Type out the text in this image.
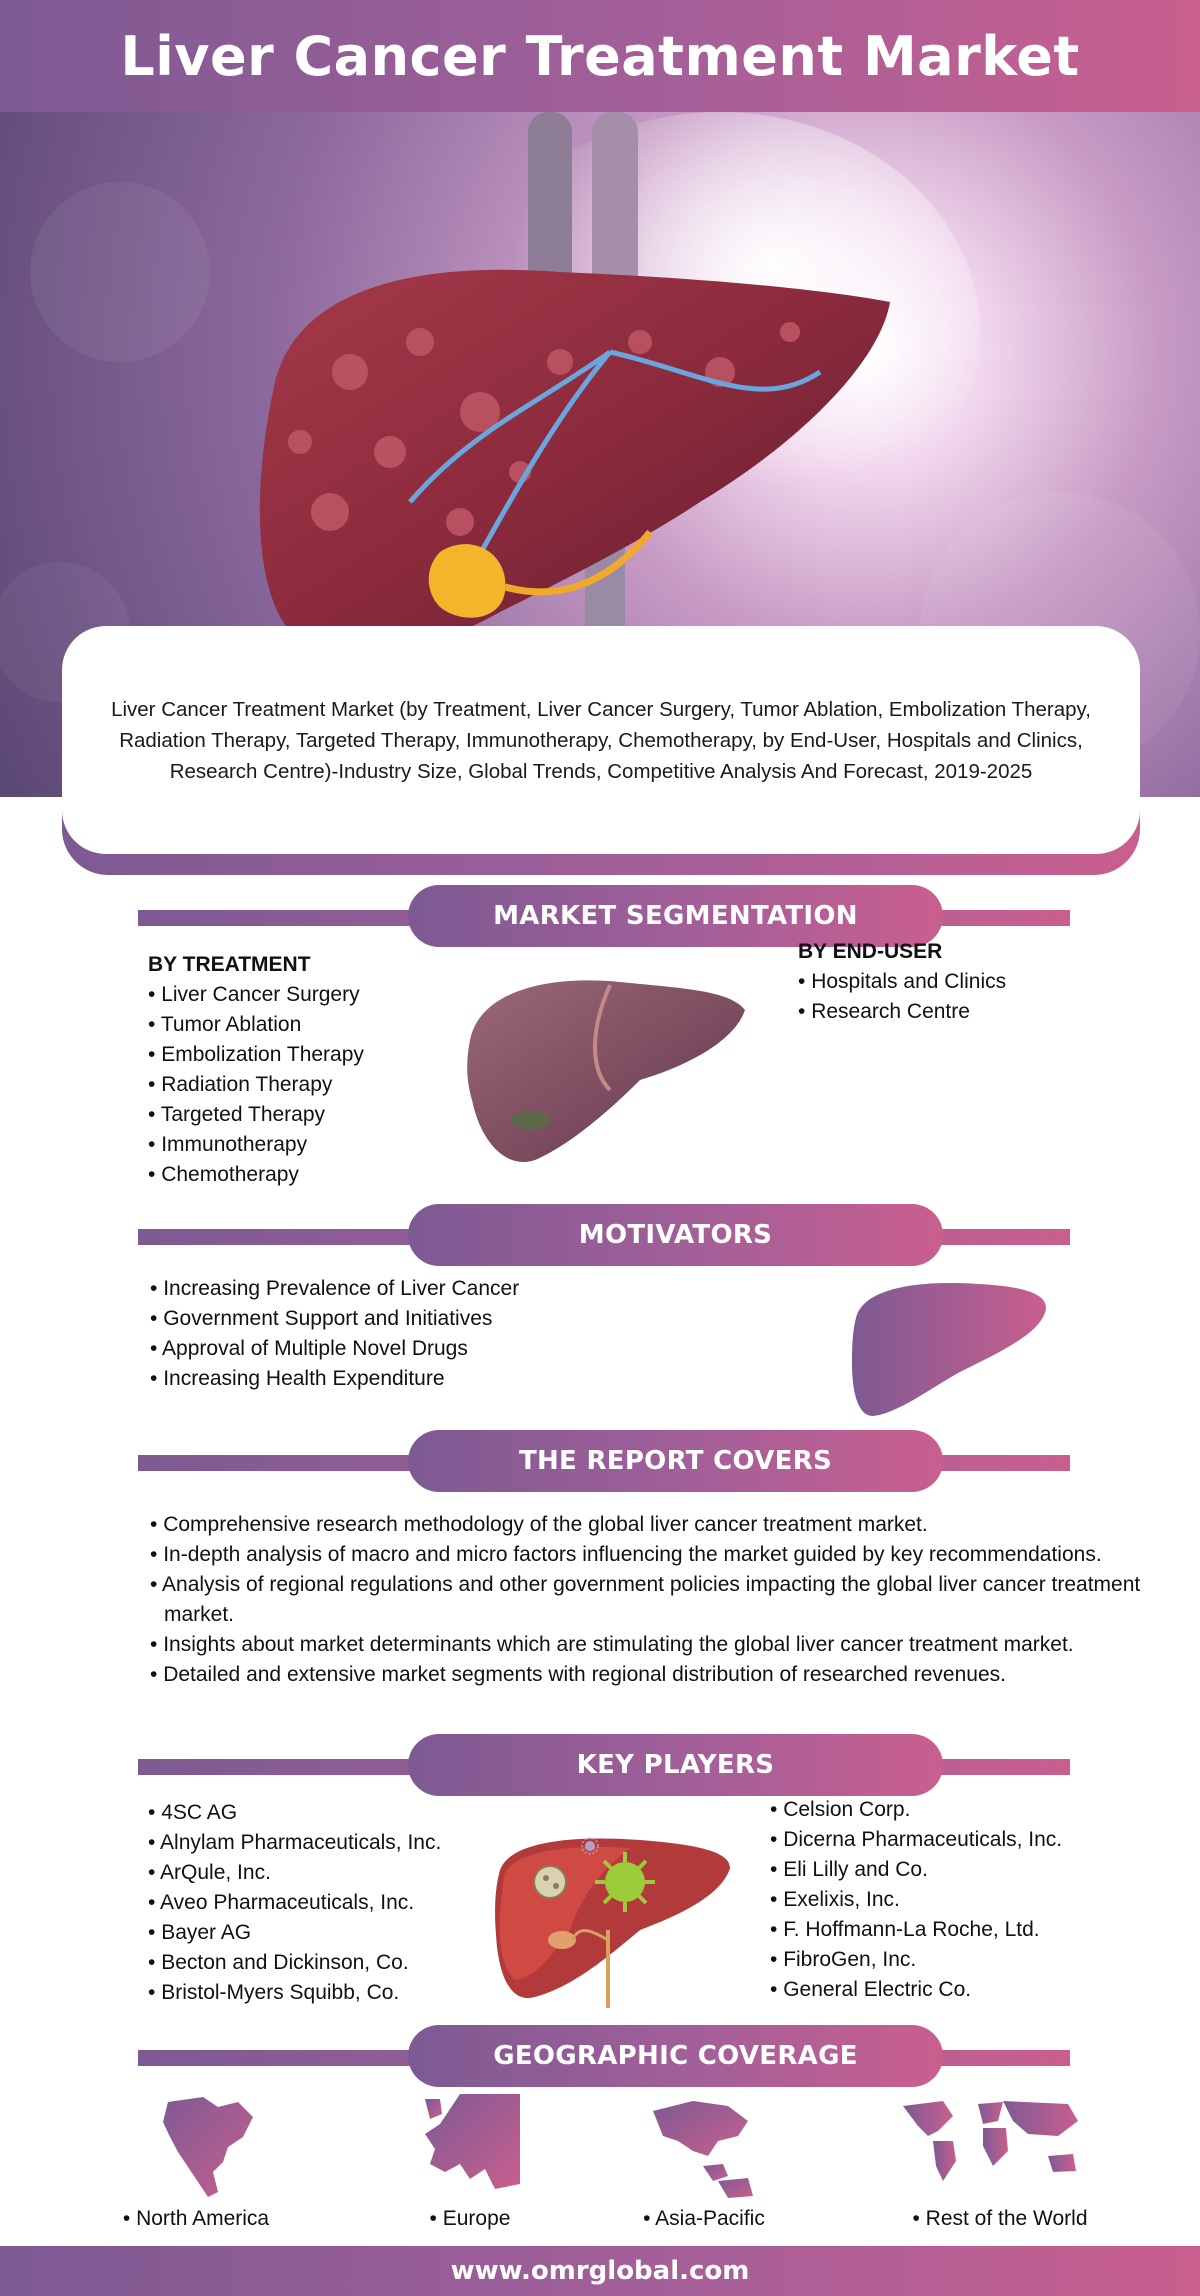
Liver Cancer Treatment Market

Liver Cancer Treatment Market (by Treatment, Liver Cancer Surgery, Tumor Ablation, Embolization Therapy, Radiation Therapy, Targeted Therapy, Immunotherapy, Chemotherapy, by End-User, Hospitals and Clinics, Research Centre)-Industry Size, Global Trends, Competitive Analysis And Forecast, 2019-2025

MARKET SEGMENTATION
BY TREATMENT
• Liver Cancer Surgery
• Tumor Ablation
• Embolization Therapy
• Radiation Therapy
• Targeted Therapy
• Immunotherapy
• Chemotherapy
BY END-USER
• Hospitals and Clinics
• Research Centre
MOTIVATORS
• Increasing Prevalence of Liver Cancer
• Government Support and Initiatives
• Approval of Multiple Novel Drugs
• Increasing Health Expenditure
THE REPORT COVERS
• Comprehensive research methodology of the global liver cancer treatment market.
• In-depth analysis of macro and micro factors influencing the market guided by key recommendations.
• Analysis of regional regulations and other government policies impacting the global liver cancer treatment market.
• Insights about market determinants which are stimulating the global liver cancer treatment market.
• Detailed and extensive market segments with regional distribution of researched revenues.
KEY PLAYERS
• 4SC AG
• Alnylam Pharmaceuticals, Inc.
• ArQule, Inc.
• Aveo Pharmaceuticals, Inc.
• Bayer AG
• Becton and Dickinson, Co.
• Bristol-Myers Squibb, Co.
• Celsion Corp.
• Dicerna Pharmaceuticals, Inc.
• Eli Lilly and Co.
• Exelixis, Inc.
• F. Hoffmann-La Roche, Ltd.
• FibroGen, Inc.
• General Electric Co.
GEOGRAPHIC COVERAGE
• North America	• Europe	• Asia-Pacific	• Rest of the World
www.omrglobal.com
